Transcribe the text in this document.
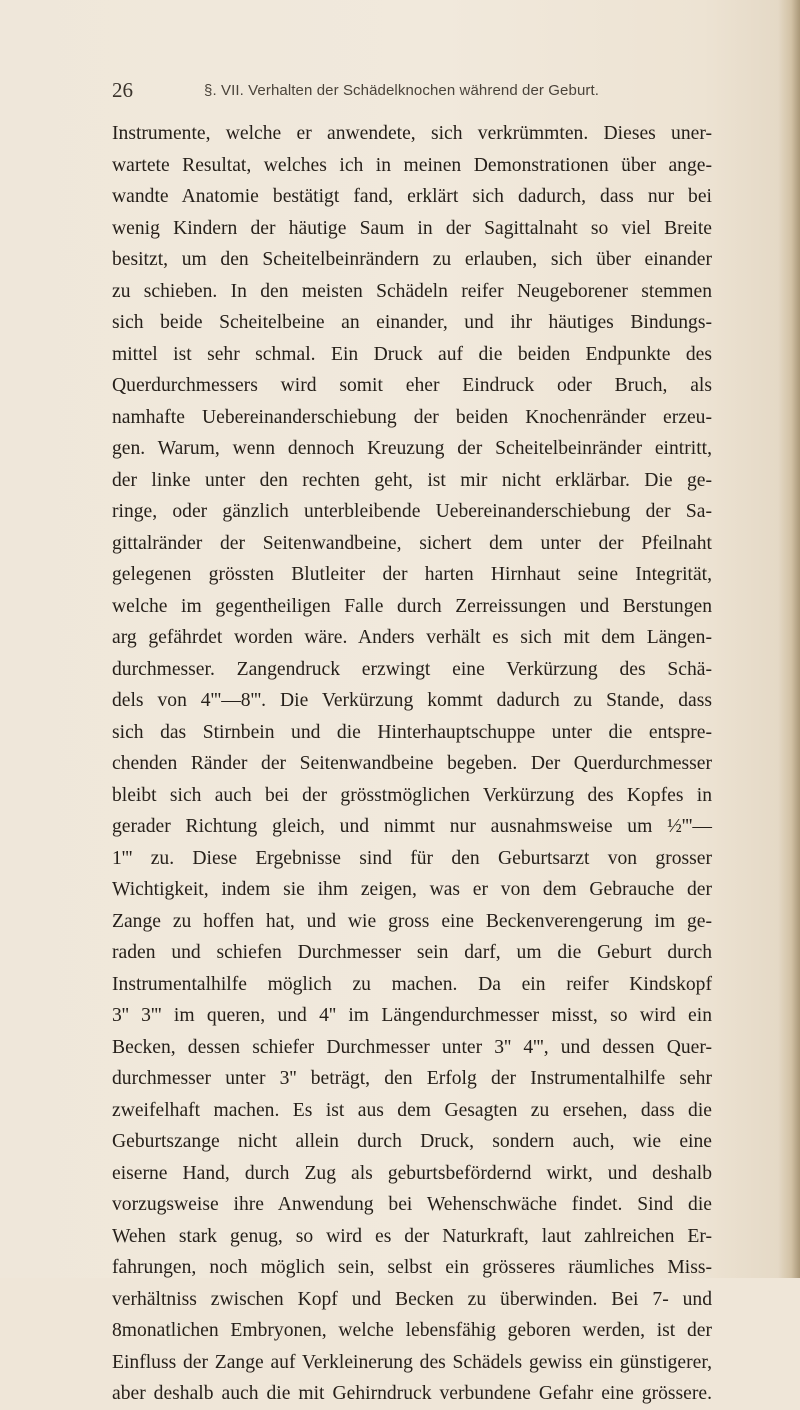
26	§. VII. Verhalten der Schädelknochen während der Geburt.
Instrumente, welche er anwendete, sich verkrümmten. Dieses uner-
wartete Resultat, welches ich in meinen Demonstrationen über ange-
wandte Anatomie bestätigt fand, erklärt sich dadurch, dass nur bei
wenig Kindern der häutige Saum in der Sagittalnaht so viel Breite
besitzt, um den Scheitelbeinrändern zu erlauben, sich über einander
zu schieben. In den meisten Schädeln reifer Neugeborener stemmen
sich beide Scheitelbeine an einander, und ihr häutiges Bindungs-
mittel ist sehr schmal. Ein Druck auf die beiden Endpunkte des
Querdurchmessers wird somit eher Eindruck oder Bruch, als
namhafte Uebereinanderschiebung der beiden Knochenränder erzeu-
gen. Warum, wenn dennoch Kreuzung der Scheitelbeinränder eintritt,
der linke unter den rechten geht, ist mir nicht erklärbar. Die ge-
ringe, oder gänzlich unterbleibende Uebereinanderschiebung der Sa-
gittalränder der Seitenwandbeine, sichert dem unter der Pfeilnaht
gelegenen grössten Blutleiter der harten Hirnhaut seine Integrität,
welche im gegentheiligen Falle durch Zerreissungen und Berstungen
arg gefährdet worden wäre. Anders verhält es sich mit dem Längen-
durchmesser. Zangendruck erzwingt eine Verkürzung des Schä-
dels von 4'''—8'''. Die Verkürzung kommt dadurch zu Stande, dass
sich das Stirnbein und die Hinterhauptschuppe unter die entspre-
chenden Ränder der Seitenwandbeine begeben. Der Querdurchmesser
bleibt sich auch bei der grösstmöglichen Verkürzung des Kopfes in
gerader Richtung gleich, und nimmt nur ausnahmsweise um ½'''—
1''' zu. Diese Ergebnisse sind für den Geburtsarzt von grosser
Wichtigkeit, indem sie ihm zeigen, was er von dem Gebrauche der
Zange zu hoffen hat, und wie gross eine Beckenverengerung im ge-
raden und schiefen Durchmesser sein darf, um die Geburt durch
Instrumentalhilfe möglich zu machen. Da ein reifer Kindskopf
3'' 3''' im queren, und 4'' im Längendurchmesser misst, so wird ein
Becken, dessen schiefer Durchmesser unter 3'' 4''', und dessen Quer-
durchmesser unter 3'' beträgt, den Erfolg der Instrumentalhilfe sehr
zweifelhaft machen. Es ist aus dem Gesagten zu ersehen, dass die
Geburtszange nicht allein durch Druck, sondern auch, wie eine
eiserne Hand, durch Zug als geburtsbefördernd wirkt, und deshalb
vorzugsweise ihre Anwendung bei Wehenschwäche findet. Sind die
Wehen stark genug, so wird es der Naturkraft, laut zahlreichen Er-
fahrungen, noch möglich sein, selbst ein grösseres räumliches Miss-
verhältniss zwischen Kopf und Becken zu überwinden. Bei 7- und
8monatlichen Embryonen, welche lebensfähig geboren werden, ist der
Einfluss der Zange auf Verkleinerung des Schädels gewiss ein günstigerer,
aber deshalb auch die mit Gehirndruck verbundene Gefahr eine grössere.
